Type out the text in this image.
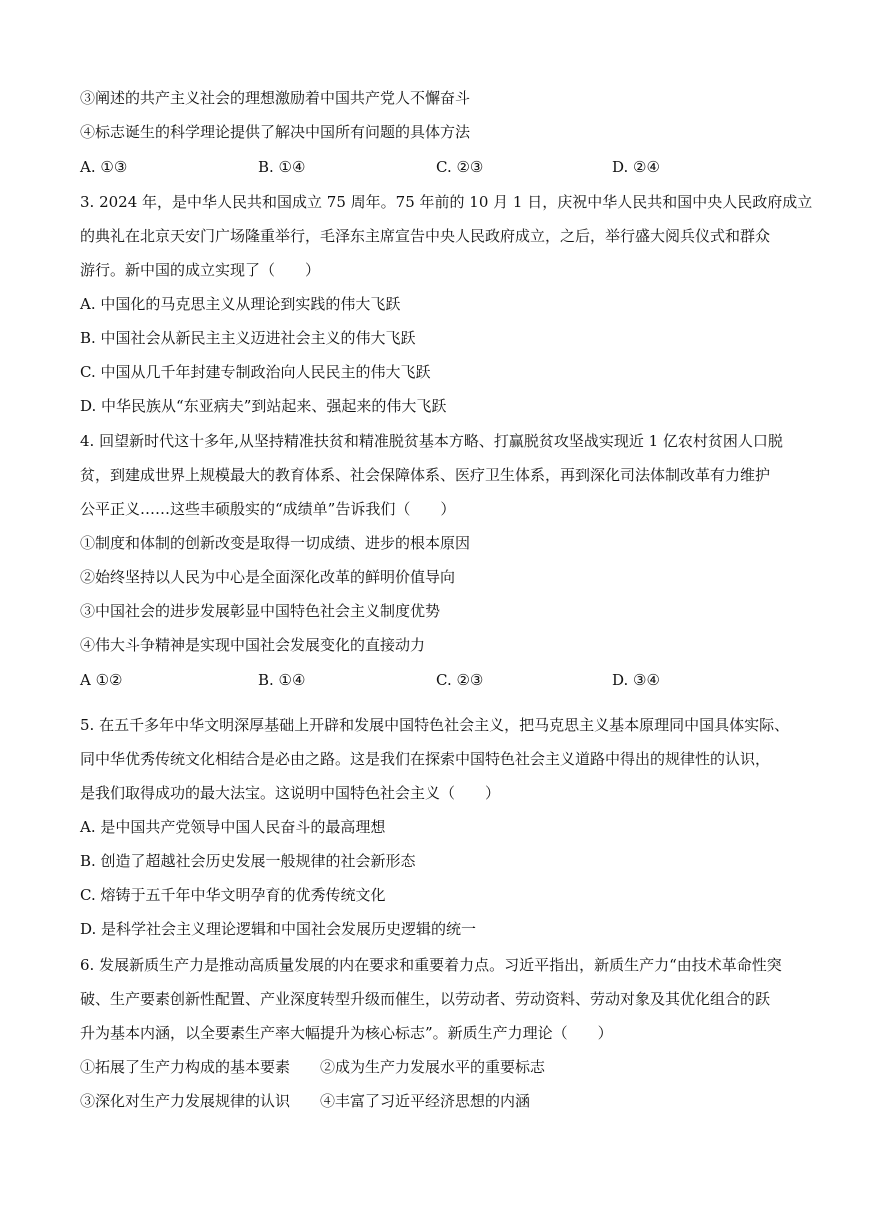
③阐述的共产主义社会的理想激励着中国共产党人不懈奋斗
④标志诞生的科学理论提供了解决中国所有问题的具体方法
A. ①③	B. ①④	C. ②③	D. ②④
3. 2024 年，是中华人民共和国成立 75 周年。75 年前的 10 月 1 日，庆祝中华人民共和国中央人民政府成立
的典礼在北京天安门广场隆重举行，毛泽东主席宣告中央人民政府成立，之后，举行盛大阅兵仪式和群众
游行。新中国的成立实现了（　　）
A. 中国化的马克思主义从理论到实践的伟大飞跃
B. 中国社会从新民主主义迈进社会主义的伟大飞跃
C. 中国从几千年封建专制政治向人民民主的伟大飞跃
D. 中华民族从“东亚病夫”到站起来、强起来的伟大飞跃
4. 回望新时代这十多年,从坚持精准扶贫和精准脱贫基本方略、打赢脱贫攻坚战实现近 1 亿农村贫困人口脱
贫，到建成世界上规模最大的教育体系、社会保障体系、医疗卫生体系，再到深化司法体制改革有力维护
公平正义……这些丰硕殷实的“成绩单”告诉我们（　　）
①制度和体制的创新改变是取得一切成绩、进步的根本原因
②始终坚持以人民为中心是全面深化改革的鲜明价值导向
③中国社会的进步发展彰显中国特色社会主义制度优势
④伟大斗争精神是实现中国社会发展变化的直接动力
A ①②	B. ①④	C. ②③	D. ③④
5. 在五千多年中华文明深厚基础上开辟和发展中国特色社会主义，把马克思主义基本原理同中国具体实际、
同中华优秀传统文化相结合是必由之路。这是我们在探索中国特色社会主义道路中得出的规律性的认识，
是我们取得成功的最大法宝。这说明中国特色社会主义（　　）
A. 是中国共产党领导中国人民奋斗的最高理想
B. 创造了超越社会历史发展一般规律的社会新形态
C. 熔铸于五千年中华文明孕育的优秀传统文化
D. 是科学社会主义理论逻辑和中国社会发展历史逻辑的统一
6. 发展新质生产力是推动高质量发展的内在要求和重要着力点。习近平指出，新质生产力“由技术革命性突
破、生产要素创新性配置、产业深度转型升级而催生，以劳动者、劳动资料、劳动对象及其优化组合的跃
升为基本内涵，以全要素生产率大幅提升为核心标志”。新质生产力理论（　　）
①拓展了生产力构成的基本要素　　②成为生产力发展水平的重要标志
③深化对生产力发展规律的认识　　④丰富了习近平经济思想的内涵
